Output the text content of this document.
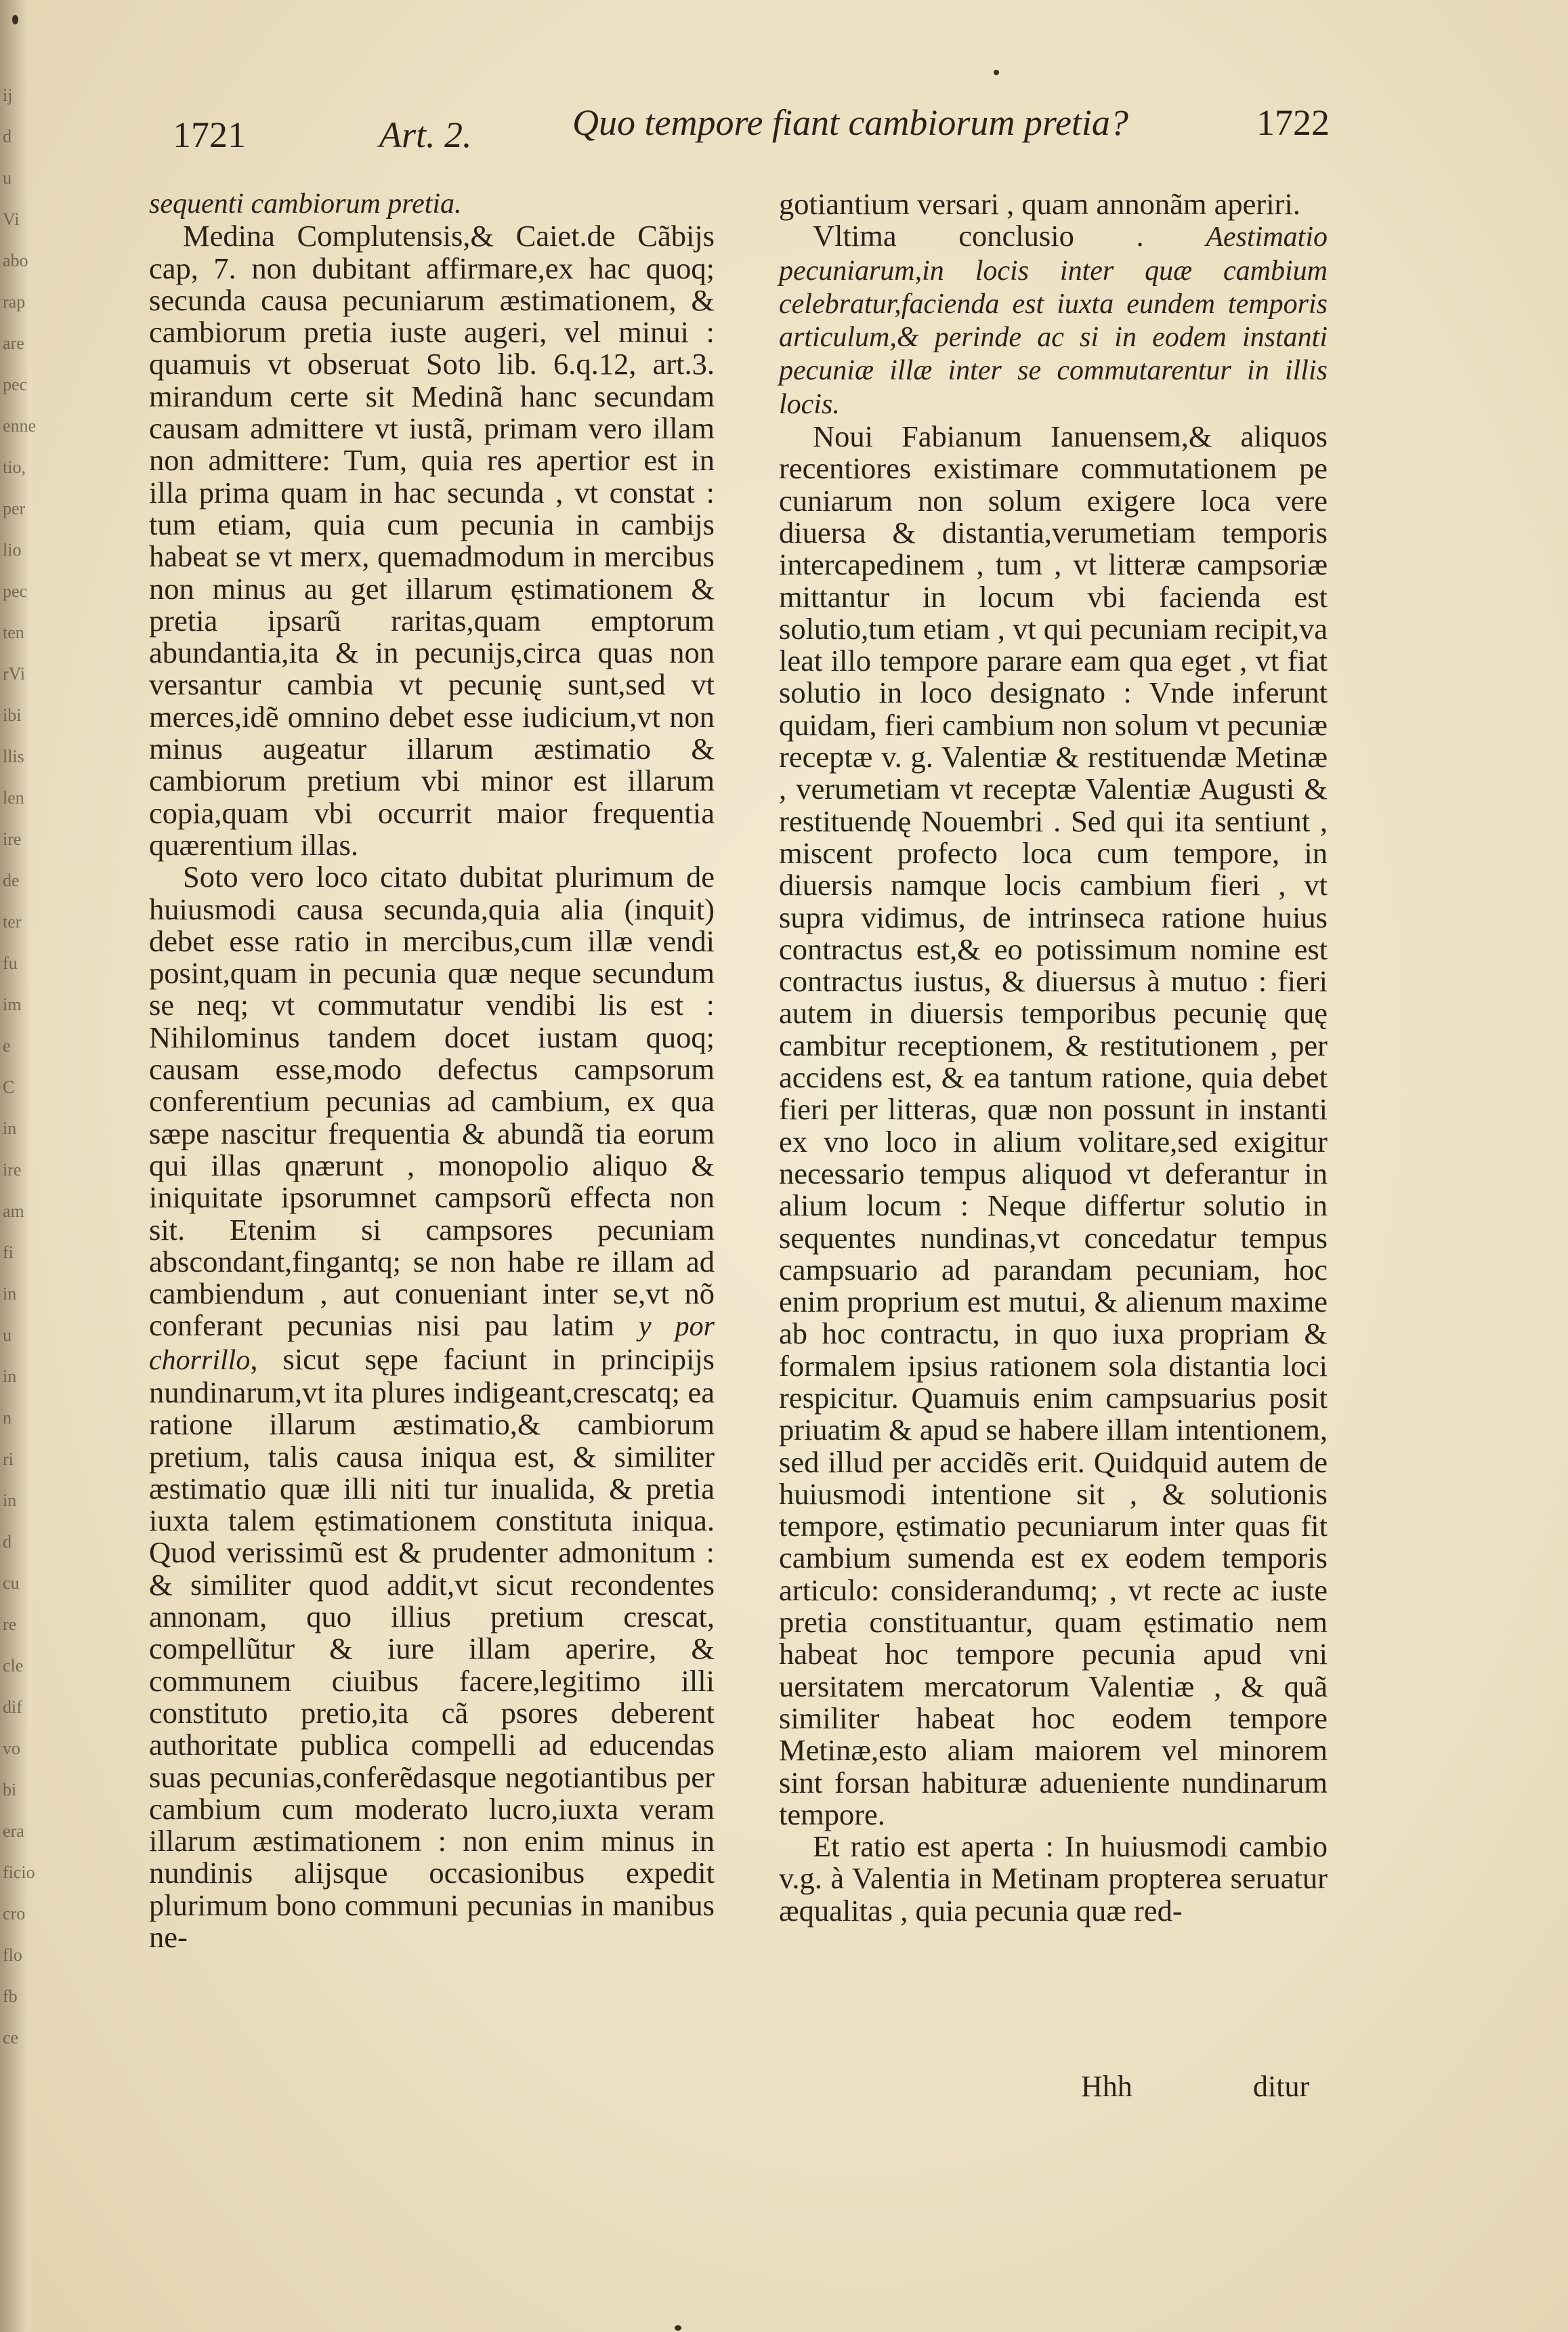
ij
d
u
Vi
abo
rap
are
pec
enne
tio,
per
lio
pec
ten
rVi
ibi
llis
len
ire
de
ter
fu
im
e
C
in
ire
am
fi
in
u
in
n
ri
in
d
cu
re
cle
dif
vo
bi
era
ficio
cro
flo
fb
ce
1721	Art. 2.	Quo tempore fiant cambiorum pretia?	1722

sequenti cambiorum pretia.

Medina Complutensis,& Caiet.de Cãbijs cap, 7. non dubitant affirmare,ex hac quoq; secunda causa pecuniarum æstimationem, & cambiorum pretia iuste augeri, vel minui : quamuis vt obseruat Soto lib. 6.q.12, art.3. mirandum certe sit Medinã hanc secundam causam admittere vt iustã, primam vero illam non admittere: Tum, quia res apertior est in illa prima quam in hac secunda , vt constat : tum etiam, quia cum pecunia in cambijs habeat se vt merx, quemadmodum in mercibus non minus au get illarum ęstimationem & pretia ipsarũ raritas,quam emptorum abundantia,ita & in pecunijs,circa quas non versantur cambia vt pecunię sunt,sed vt merces,idẽ omnino debet esse iudicium,vt non minus augeatur illarum æstimatio & cambiorum pretium vbi minor est illarum copia,quam vbi occurrit maior frequentia quærentium illas.

Soto vero loco citato dubitat plurimum de huiusmodi causa secunda,quia alia (inquit) debet esse ratio in mercibus,cum illæ vendi posint,quam in pecunia quæ neque secundum se neq; vt commutatur vendibi lis est : Nihilominus tandem docet iustam quoq; causam esse,modo defectus campsorum conferentium pecunias ad cambium, ex qua sæpe nascitur frequentia & abundã tia eorum qui illas qnærunt , monopolio aliquo & iniquitate ipsorumnet campsorũ effecta non sit. Etenim si campsores pecuniam abscondant,fingantq; se non habe re illam ad cambiendum , aut conueniant inter se,vt nõ conferant pecunias nisi pau latim y por chorrillo, sicut sępe faciunt in principijs nundinarum,vt ita plures indigeant,crescatq; ea ratione illarum æstimatio,& cambiorum pretium, talis causa iniqua est, & similiter æstimatio quæ illi niti tur inualida, & pretia iuxta talem ęstimationem constituta iniqua. Quod verissimũ est & prudenter admonitum : & similiter quod addit,vt sicut recondentes annonam, quo illius pretium crescat, compellũtur & iure illam aperire, & communem ciuibus facere,legitimo illi constituto pretio,ita cã psores deberent authoritate publica compelli ad educendas suas pecunias,conferẽdasque negotiantibus per cambium cum moderato lucro,iuxta veram illarum æstimationem : non enim minus in nundinis alijsque occasionibus expedit plurimum bono communi pecunias in manibus ne-

gotiantium versari , quam annonãm aperiri.

Vltima conclusio . Aestimatio pecuniarum,in locis inter quæ cambium celebratur,facienda est iuxta eundem temporis articulum,& perinde ac si in eodem instanti pecuniæ illæ inter se commutarentur in illis locis.

Noui Fabianum Ianuensem,& aliquos recentiores existimare commutationem pe cuniarum non solum exigere loca vere diuersa & distantia,verumetiam temporis intercapedinem , tum , vt litteræ campsoriæ mittantur in locum vbi facienda est solutio,tum etiam , vt qui pecuniam recipit,va leat illo tempore parare eam qua eget , vt fiat solutio in loco designato : Vnde inferunt quidam, fieri cambium non solum vt pecuniæ receptæ v. g. Valentiæ & restituendæ Metinæ , verumetiam vt receptæ Valentiæ Augusti & restituendę Nouembri . Sed qui ita sentiunt , miscent profecto loca cum tempore, in diuersis namque locis cambium fieri , vt supra vidimus, de intrinseca ratione huius contractus est,& eo potissimum nomine est contractus iustus, & diuersus à mutuo : fieri autem in diuersis temporibus pecunię quę cambitur receptionem, & restitutionem , per accidens est, & ea tantum ratione, quia debet fieri per litteras, quæ non possunt in instanti ex vno loco in alium volitare,sed exigitur necessario tempus aliquod vt deferantur in alium locum : Neque differtur solutio in sequentes nundinas,vt concedatur tempus campsuario ad parandam pecuniam, hoc enim proprium est mutui, & alienum maxime ab hoc contractu, in quo iuxa propriam & formalem ipsius rationem sola distantia loci respicitur. Quamuis enim campsuarius posit priuatim & apud se habere illam intentionem, sed illud per accidẽs erit. Quidquid autem de huiusmodi intentione sit , & solutionis tempore, ęstimatio pecuniarum inter quas fit cambium sumenda est ex eodem temporis articulo: considerandumq; , vt recte ac iuste pretia constituantur, quam ęstimatio nem habeat hoc tempore pecunia apud vni uersitatem mercatorum Valentiæ , & quã similiter habeat hoc eodem tempore Metinæ,esto aliam maiorem vel minorem sint forsan habituræ adueniente nundinarum tempore.

Et ratio est aperta : In huiusmodi cambio v.g. à Valentia in Metinam propterea seruatur æqualitas , quia pecunia quæ red-

Hhh	ditur
